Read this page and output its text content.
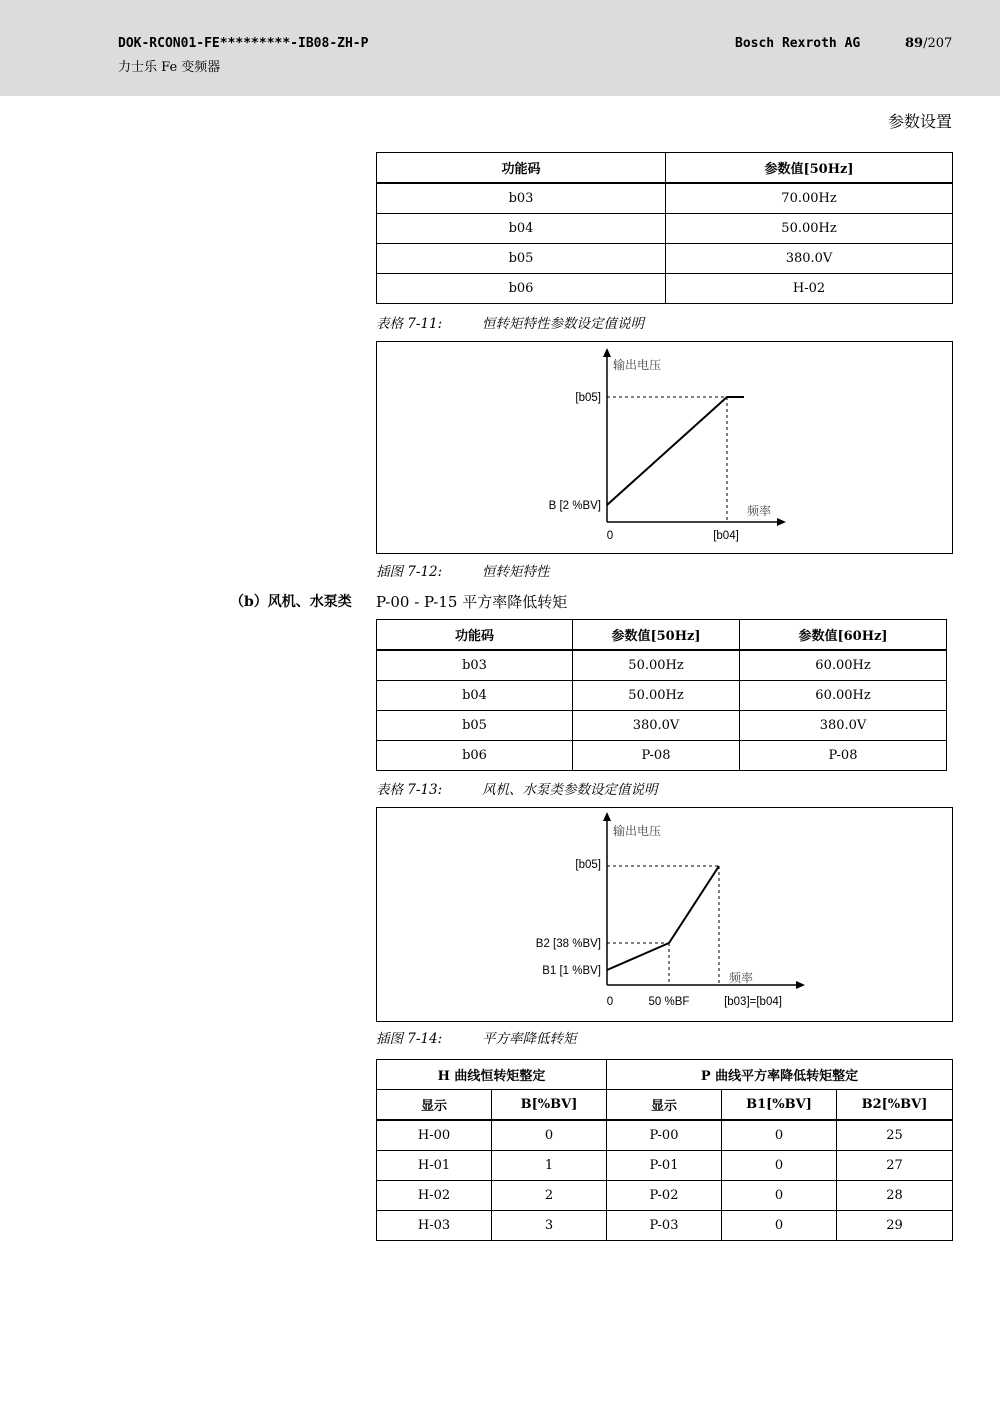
DOK-RCON01-FE*********-IB08-ZH-P
力士乐 Fe 变频器
Bosch Rexroth AG	89/207
参数设置
功能码	参数值[50Hz]
b03	70.00Hz
b04	50.00Hz
b05	380.0V
b06	H-02
表格 7-11:	恒转矩特性参数设定值说明
输出电压
频率
[b05]
B [2 %BV]
0	[b04]
插图 7-12:	恒转矩特性
（b）风机、水泵类 P-00 - P-15 平方率降低转矩
功能码	参数值[50Hz]	参数值[60Hz]
b03	50.00Hz	60.00Hz
b04	50.00Hz	60.00Hz
b05	380.0V	380.0V
b06	P-08	P-08
表格 7-13:	风机、水泵类参数设定值说明
输出电压
频率
[b05]
B2 [38 %BV]
B1 [1 %BV]
0	50 %BF	[b03]=[b04]
插图 7-14:	平方率降低转矩
H 曲线恒转矩整定		P 曲线平方率降低转矩整定		
显示	B[%BV]	显示	B1[%BV]	B2[%BV]
H-00	0	P-00	0	25
H-01	1	P-01	0	27
H-02	2	P-02	0	28
H-03	3	P-03	0	29
